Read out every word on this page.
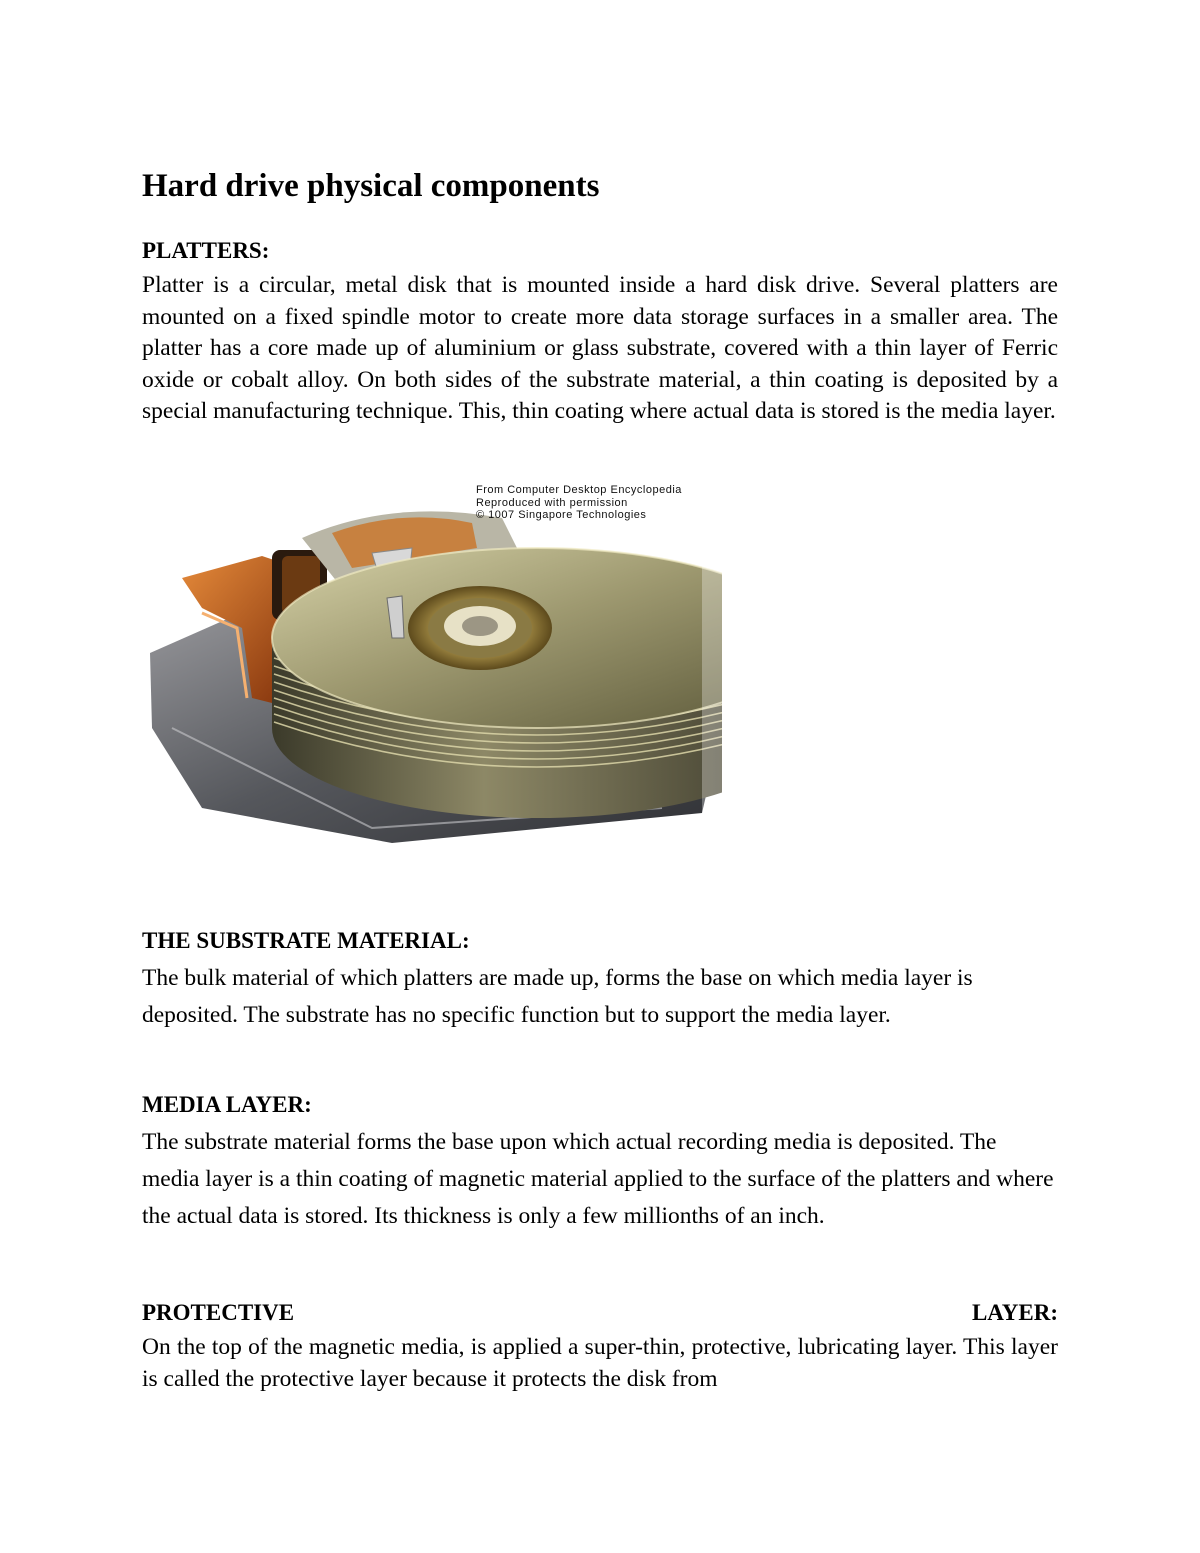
Hard drive physical components

PLATTERS:

Platter is a circular, metal disk that is mounted inside a hard disk drive. Several platters are mounted on a fixed spindle motor to create more data storage surfaces in a smaller area. The platter has a core made up of aluminium or glass substrate, covered with a thin layer of Ferric oxide or cobalt alloy. On both sides of the substrate material, a thin coating is deposited by a special manufacturing technique. This, thin coating where actual data is stored is the media layer.

THE SUBSTRATE MATERIAL:

The bulk material of which platters are made up, forms the base on which media layer is deposited. The substrate has no specific function but to support the media layer.

MEDIA LAYER:

The substrate material forms the base upon which actual recording media is deposited. The media layer is a thin coating of magnetic material applied to the surface of the platters and where the actual data is stored. Its thickness is only a few millionths of an inch.

PROTECTIVE	LAYER:

On the top of the magnetic media, is applied a super-thin, protective, lubricating layer. This layer is called the protective layer because it protects the disk from

From Computer Desktop Encyclopedia
Reproduced with permission
© 1007 Singapore Technologies
